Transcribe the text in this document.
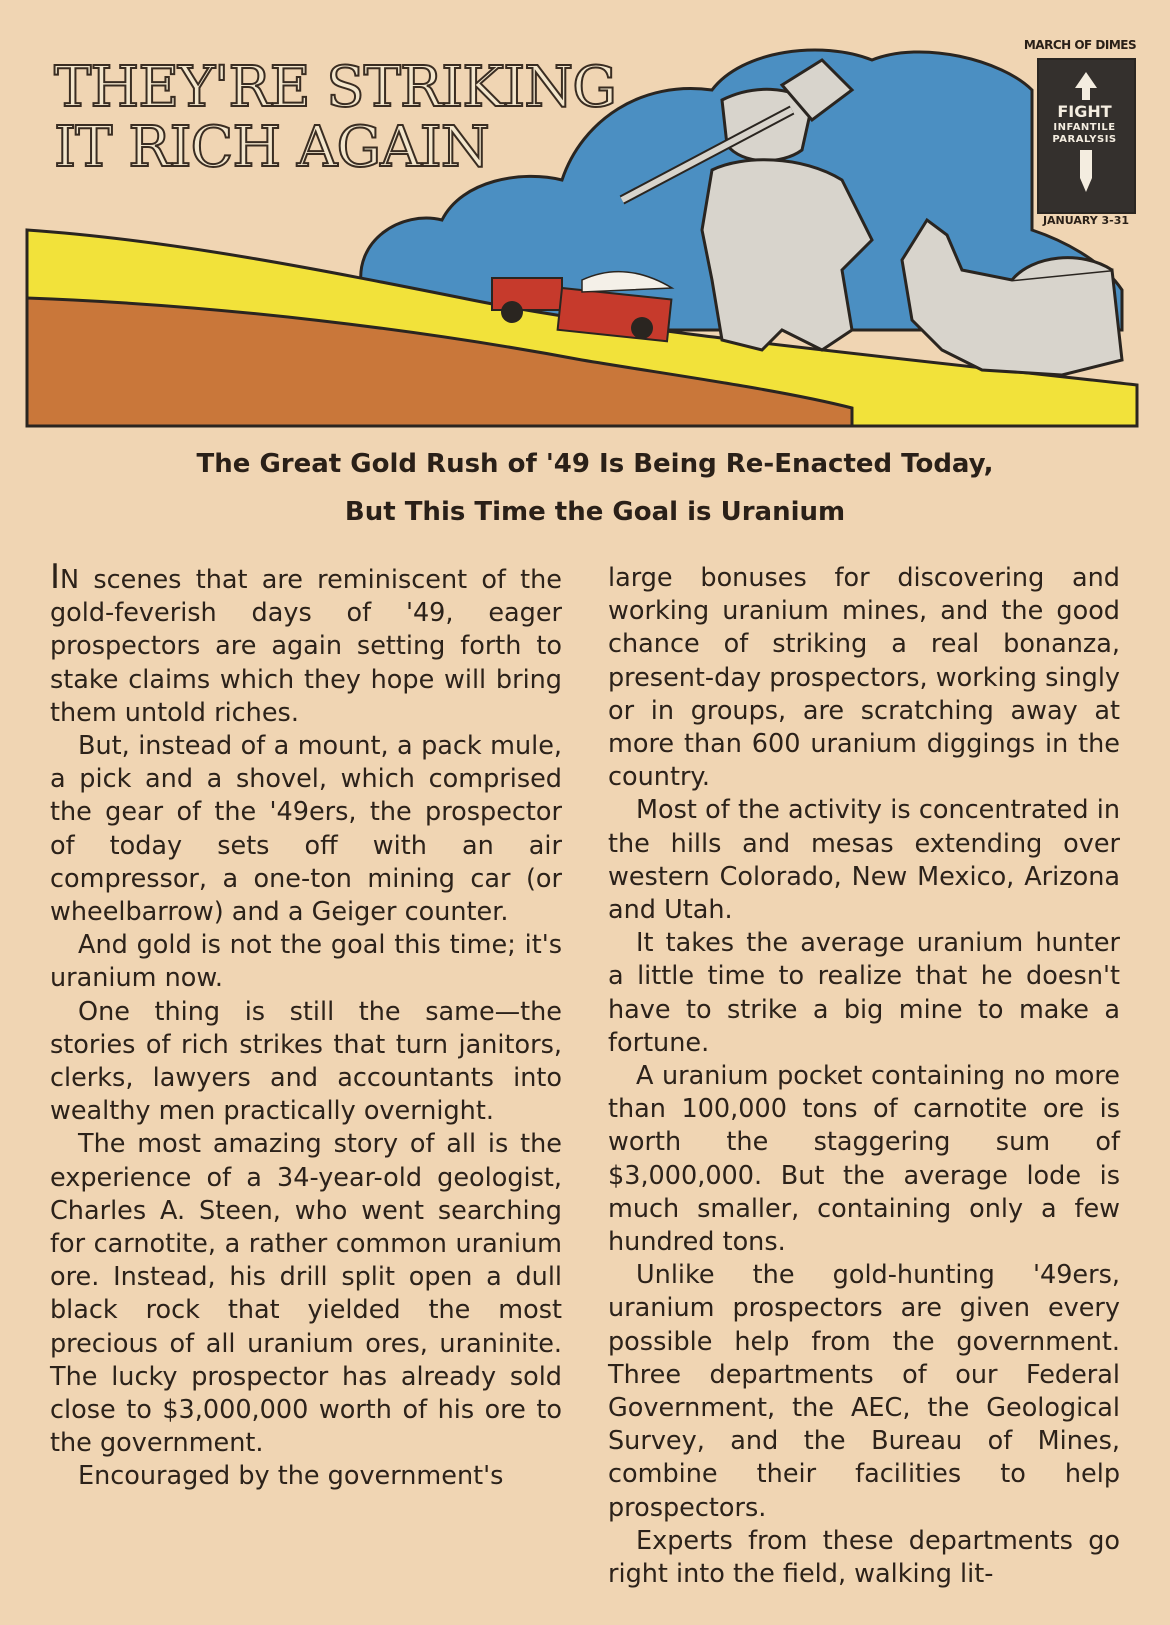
THEY'RE STRIKING
IT RICH AGAIN
MARCH OF DIMES
FIGHT
INFANTILE
PARALYSIS
JANUARY 3-31
The Great Gold Rush of '49 Is Being Re-Enacted Today,
But This Time the Goal is Uranium

IN scenes that are reminiscent of the gold-feverish days of '49, eager prospectors are again setting forth to stake claims which they hope will bring them untold riches.

But, instead of a mount, a pack mule, a pick and a shovel, which comprised the gear of the '49ers, the prospector of today sets off with an air compressor, a one-ton mining car (or wheelbarrow) and a Geiger counter.

And gold is not the goal this time; it's uranium now.

One thing is still the same—the stories of rich strikes that turn janitors, clerks, lawyers and accountants into wealthy men practically overnight.

The most amazing story of all is the experience of a 34-year-old geologist, Charles A. Steen, who went searching for carnotite, a rather common uranium ore. Instead, his drill split open a dull black rock that yielded the most precious of all uranium ores, uraninite. The lucky prospector has already sold close to $3,000,000 worth of his ore to the government.

Encouraged by the government's

large bonuses for discovering and working uranium mines, and the good chance of striking a real bonanza, present-day prospectors, working singly or in groups, are scratching away at more than 600 uranium diggings in the country.

Most of the activity is concentrated in the hills and mesas extending over western Colorado, New Mexico, Arizona and Utah.

It takes the average uranium hunter a little time to realize that he doesn't have to strike a big mine to make a fortune.

A uranium pocket containing no more than 100,000 tons of carnotite ore is worth the staggering sum of $3,000,000. But the average lode is much smaller, containing only a few hundred tons.

Unlike the gold-hunting '49ers, uranium prospectors are given every possible help from the government. Three departments of our Federal Government, the AEC, the Geological Survey, and the Bureau of Mines, combine their facilities to help prospectors.

Experts from these departments go right into the field, walking lit-
